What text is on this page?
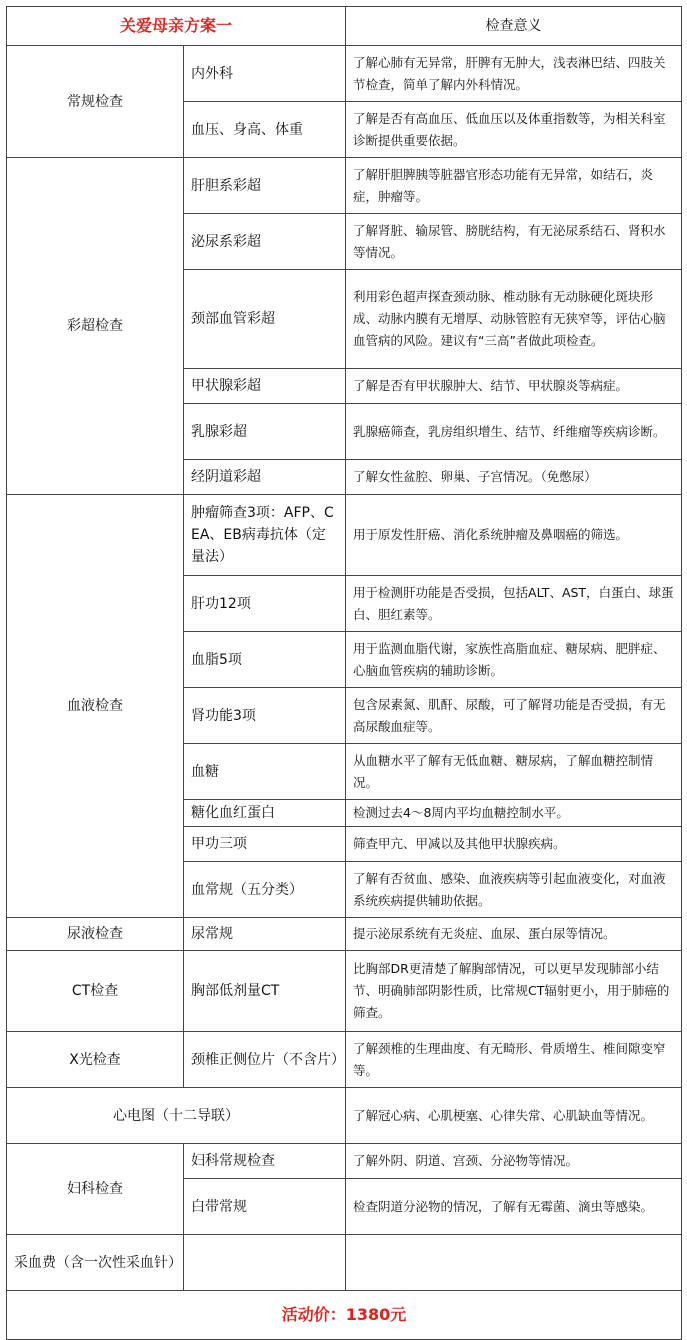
关爱母亲方案一		检查意义
常规检查	内外科	了解心肺有无异常，肝脾有无肿大，浅表淋巴结、四肢关节检查，简单了解内外科情况。
	血压、身高、体重	了解是否有高血压、低血压以及体重指数等，为相关科室诊断提供重要依据。
彩超检查	肝胆系彩超	了解肝胆脾胰等脏器官形态功能有无异常，如结石，炎症，肿瘤等。
	泌尿系彩超	了解肾脏、输尿管、膀胱结构，有无泌尿系结石、肾积水等情况。
	颈部血管彩超	利用彩色超声探查颈动脉、椎动脉有无动脉硬化斑块形成、动脉内膜有无增厚、动脉管腔有无狭窄等，评估心脑血管病的风险。建议有“三高”者做此项检查。
	甲状腺彩超	了解是否有甲状腺肿大、结节、甲状腺炎等病症。
	乳腺彩超	乳腺癌筛查，乳房组织增生、结节、纤维瘤等疾病诊断。
	经阴道彩超	了解女性盆腔、卵巢、子宫情况。（免憋尿）
血液检查	肿瘤筛查3项：AFP、CEA、EB病毒抗体（定量法）	用于原发性肝癌、消化系统肿瘤及鼻咽癌的筛选。
	肝功12项	用于检测肝功能是否受损，包括ALT、AST，白蛋白、球蛋白、胆红素等。
	血脂5项	用于监测血脂代谢，家族性高脂血症、糖尿病、肥胖症、心脑血管疾病的辅助诊断。
	肾功能3项	包含尿素氮、肌酐、尿酸，可了解肾功能是否受损，有无高尿酸血症等。
	血糖	从血糖水平了解有无低血糖、糖尿病，了解血糖控制情况。
	糖化血红蛋白	检测过去4～8周内平均血糖控制水平。
	甲功三项	筛查甲亢、甲减以及其他甲状腺疾病。
	血常规（五分类）	了解有否贫血、感染、血液疾病等引起血液变化，对血液系统疾病提供辅助依据。
尿液检查	尿常规	提示泌尿系统有无炎症、血尿、蛋白尿等情况。
CT检查	胸部低剂量CT	比胸部DR更清楚了解胸部情况，可以更早发现肺部小结节、明确肺部阴影性质，比常规CT辐射更小，用于肺癌的筛查。
X光检查	颈椎正侧位片（不含片）	了解颈椎的生理曲度、有无畸形、骨质增生、椎间隙变窄等。
心电图（十二导联）		了解冠心病、心肌梗塞、心律失常、心肌缺血等情况。
妇科检查	妇科常规检查	了解外阴、阴道、宫颈、分泌物等情况。
	白带常规	检查阴道分泌物的情况，了解有无霉菌、滴虫等感染。
采血费（含一次性采血针）		
活动价：1380元		
